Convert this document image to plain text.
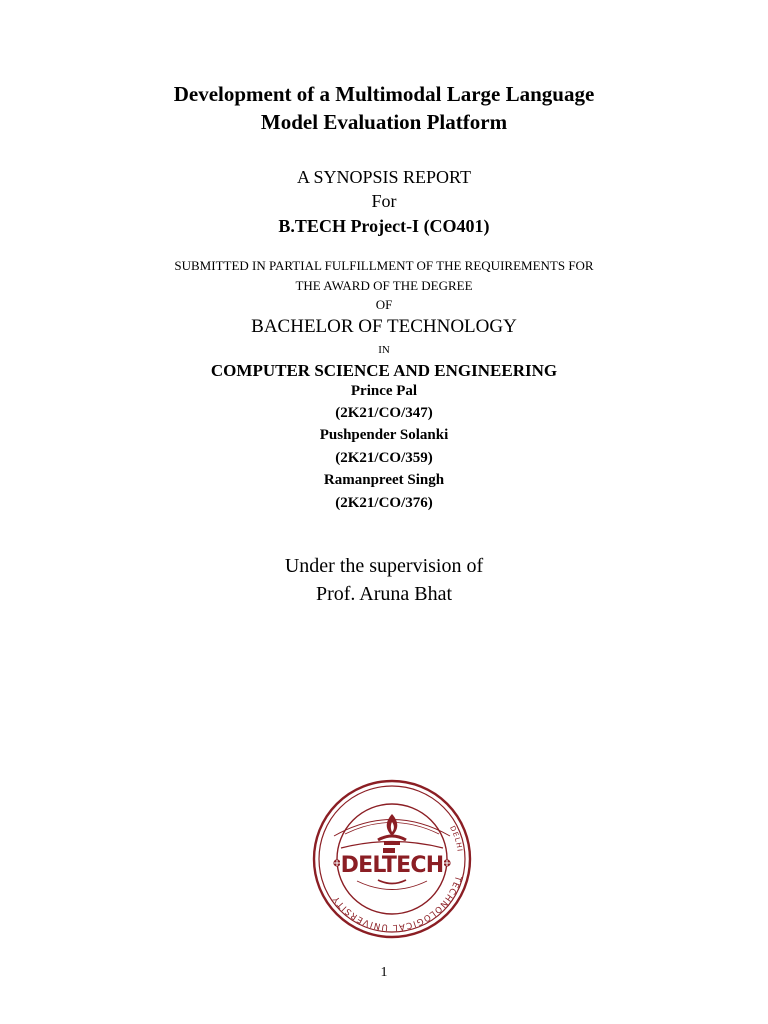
Development of a Multimodal Large Language
Model Evaluation Platform
A SYNOPSIS REPORT
For
B.TECH Project-I (CO401)
SUBMITTED IN PARTIAL FULFILLMENT OF THE REQUIREMENTS FOR
THE AWARD OF THE DEGREE
OF
BACHELOR OF TECHNOLOGY
IN
COMPUTER SCIENCE AND ENGINEERING
Prince Pal
(2K21/CO/347)
Pushpender Solanki
(2K21/CO/359)
Ramanpreet Singh
(2K21/CO/376)
Under the supervision of
Prof. Aruna Bhat
TECHNOLOGICAL UNIVERSITY
DELHI
DELTECH
1
